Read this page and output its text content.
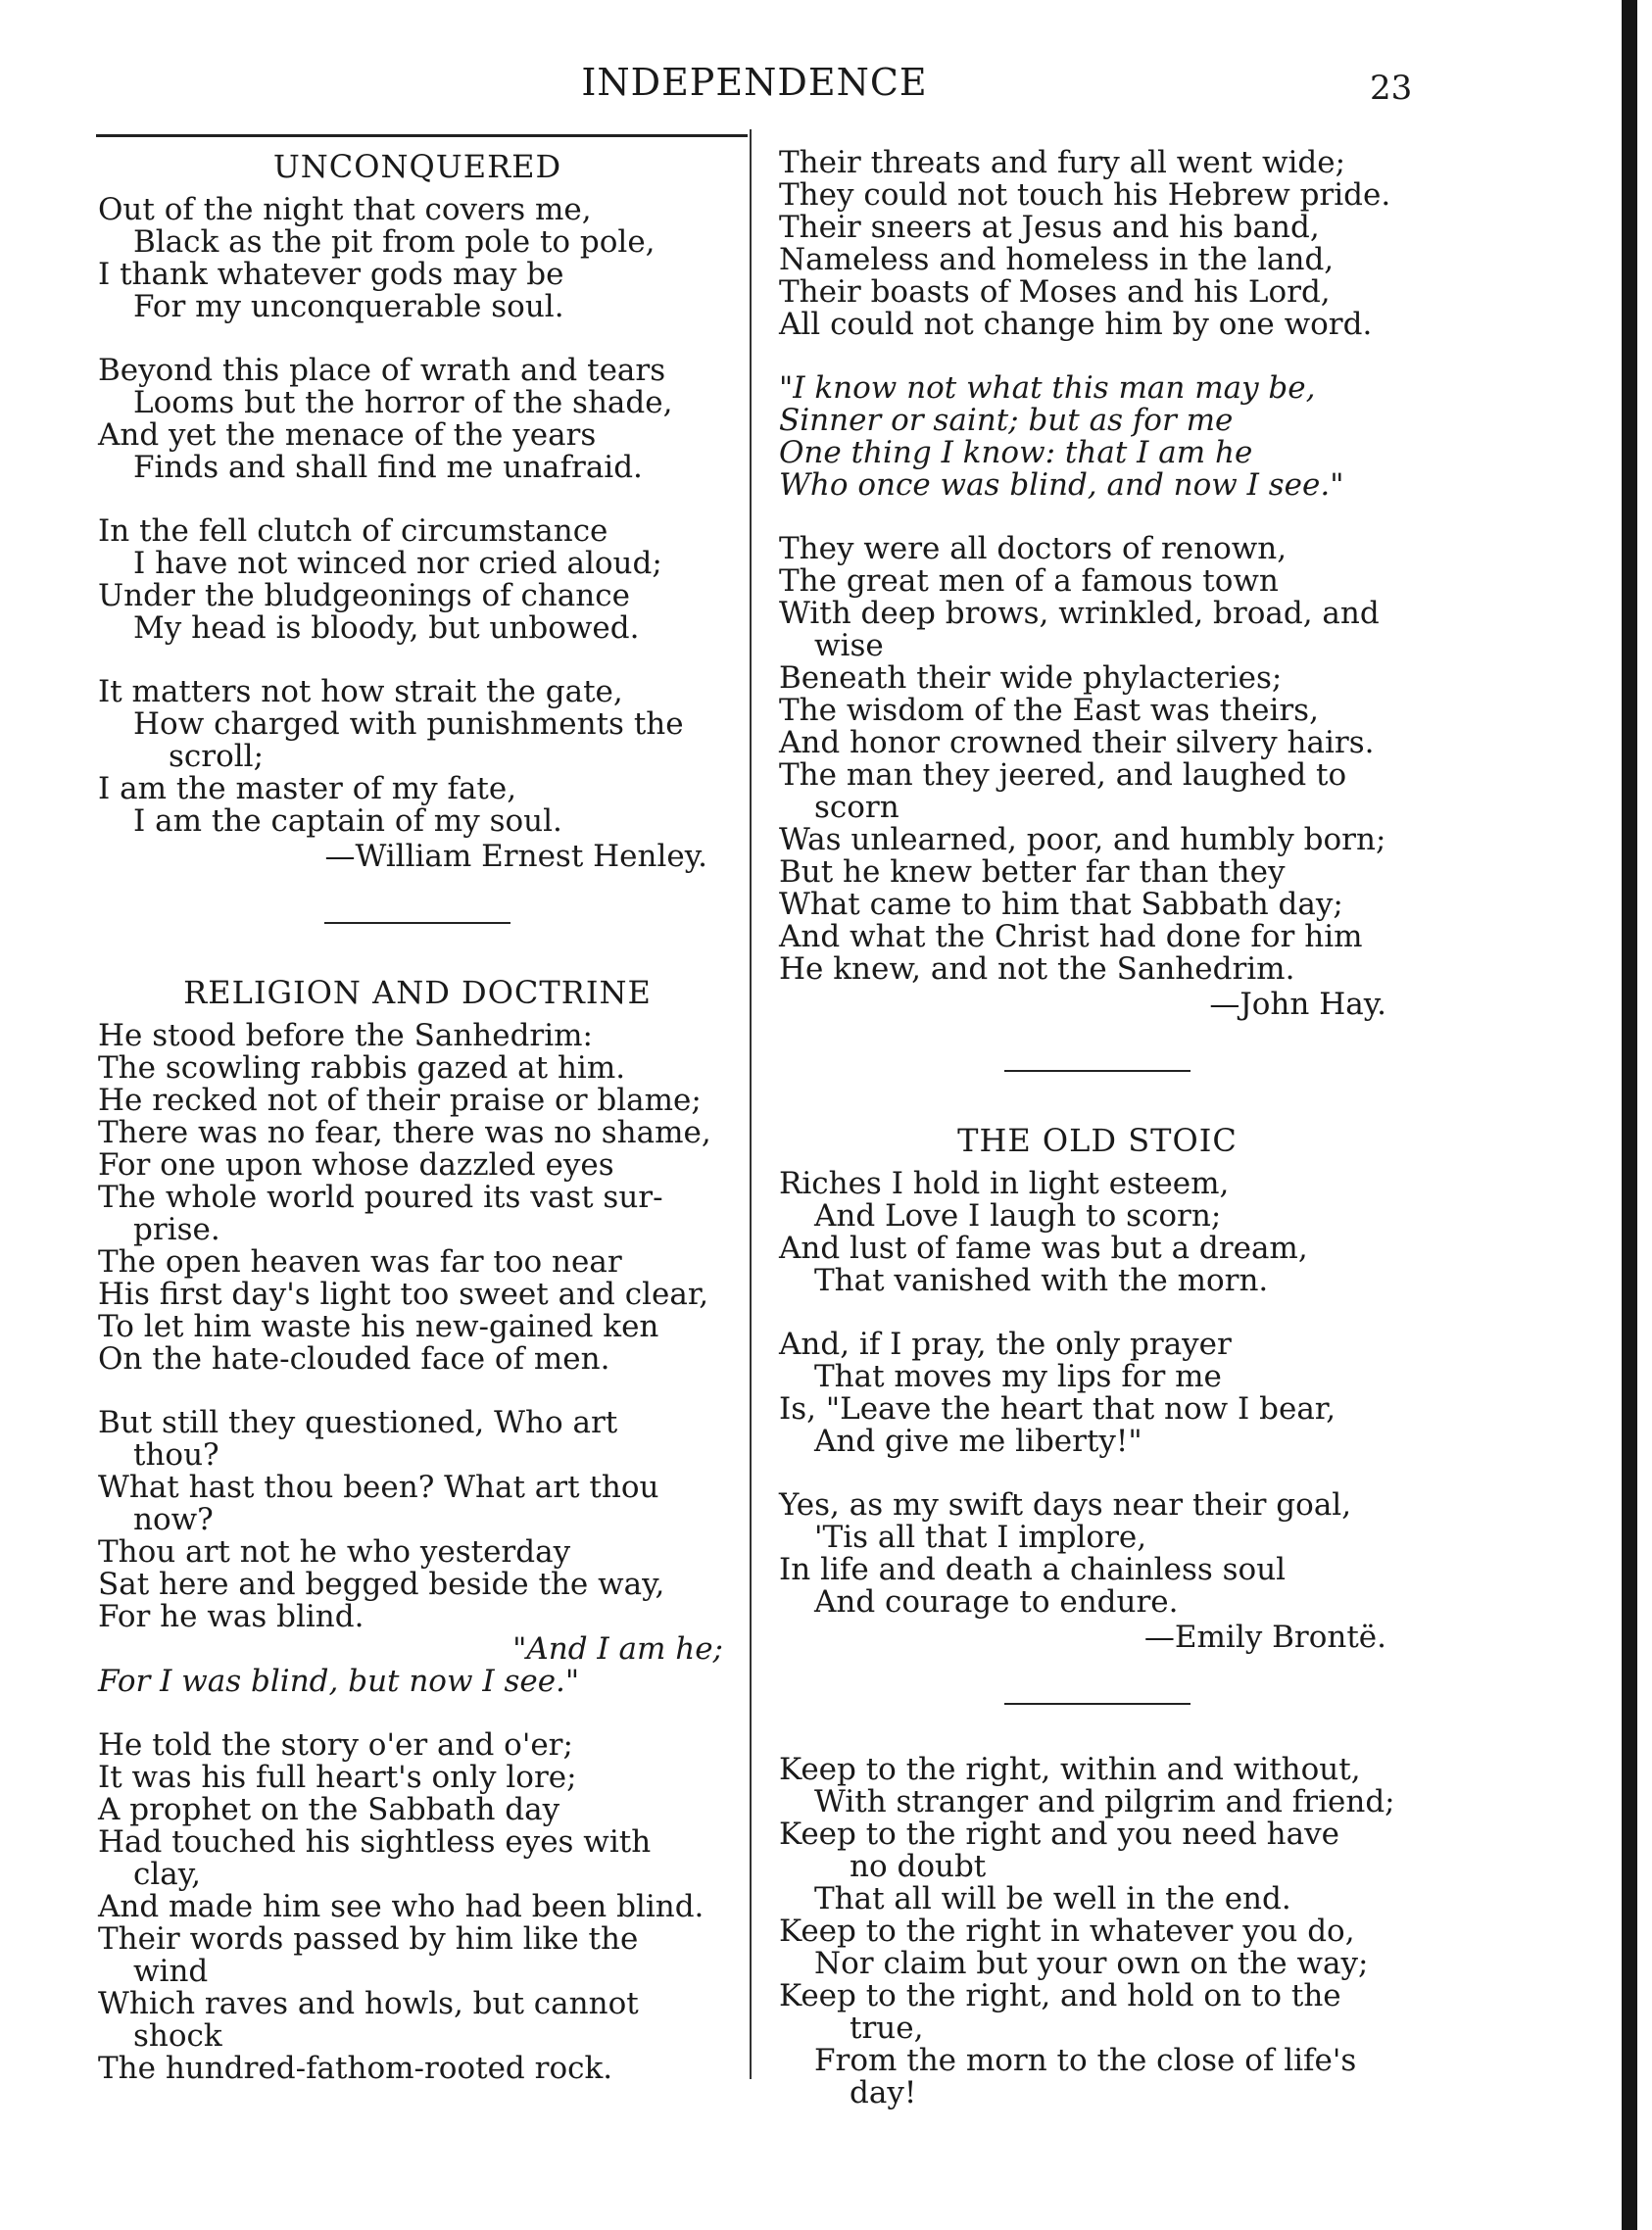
INDEPENDENCE	23
UNCONQUERED
Out of the night that covers me,
Black as the pit from pole to pole,
I thank whatever gods may be
For my unconquerable soul.
Beyond this place of wrath and tears
Looms but the horror of the shade,
And yet the menace of the years
Finds and shall find me unafraid.
In the fell clutch of circumstance
I have not winced nor cried aloud;
Under the bludgeonings of chance
My head is bloody, but unbowed.
It matters not how strait the gate,
How charged with punishments the
scroll;
I am the master of my fate,
I am the captain of my soul.
—William Ernest Henley.
RELIGION AND DOCTRINE
He stood before the Sanhedrim:
The scowling rabbis gazed at him.
He recked not of their praise or blame;
There was no fear, there was no shame,
For one upon whose dazzled eyes
The whole world poured its vast sur-
prise.
The open heaven was far too near
His first day's light too sweet and clear,
To let him waste his new-gained ken
On the hate-clouded face of men.
But still they questioned, Who art
thou?
What hast thou been? What art thou
now?
Thou art not he who yesterday
Sat here and begged beside the way,
For he was blind.
"And I am he;
For I was blind, but now I see."
He told the story o'er and o'er;
It was his full heart's only lore;
A prophet on the Sabbath day
Had touched his sightless eyes with
clay,
And made him see who had been blind.
Their words passed by him like the
wind
Which raves and howls, but cannot
shock
The hundred-fathom-rooted rock.
Their threats and fury all went wide;
They could not touch his Hebrew pride.
Their sneers at Jesus and his band,
Nameless and homeless in the land,
Their boasts of Moses and his Lord,
All could not change him by one word.
"I know not what this man may be,
Sinner or saint; but as for me
One thing I know: that I am he
Who once was blind, and now I see."
They were all doctors of renown,
The great men of a famous town
With deep brows, wrinkled, broad, and
wise
Beneath their wide phylacteries;
The wisdom of the East was theirs,
And honor crowned their silvery hairs.
The man they jeered, and laughed to
scorn
Was unlearned, poor, and humbly born;
But he knew better far than they
What came to him that Sabbath day;
And what the Christ had done for him
He knew, and not the Sanhedrim.
—John Hay.
THE OLD STOIC
Riches I hold in light esteem,
And Love I laugh to scorn;
And lust of fame was but a dream,
That vanished with the morn.
And, if I pray, the only prayer
That moves my lips for me
Is, "Leave the heart that now I bear,
And give me liberty!"
Yes, as my swift days near their goal,
'Tis all that I implore,
In life and death a chainless soul
And courage to endure.
—Emily Brontë.
Keep to the right, within and without,
With stranger and pilgrim and friend;
Keep to the right and you need have
no doubt
That all will be well in the end.
Keep to the right in whatever you do,
Nor claim but your own on the way;
Keep to the right, and hold on to the
true,
From the morn to the close of life's
day!
